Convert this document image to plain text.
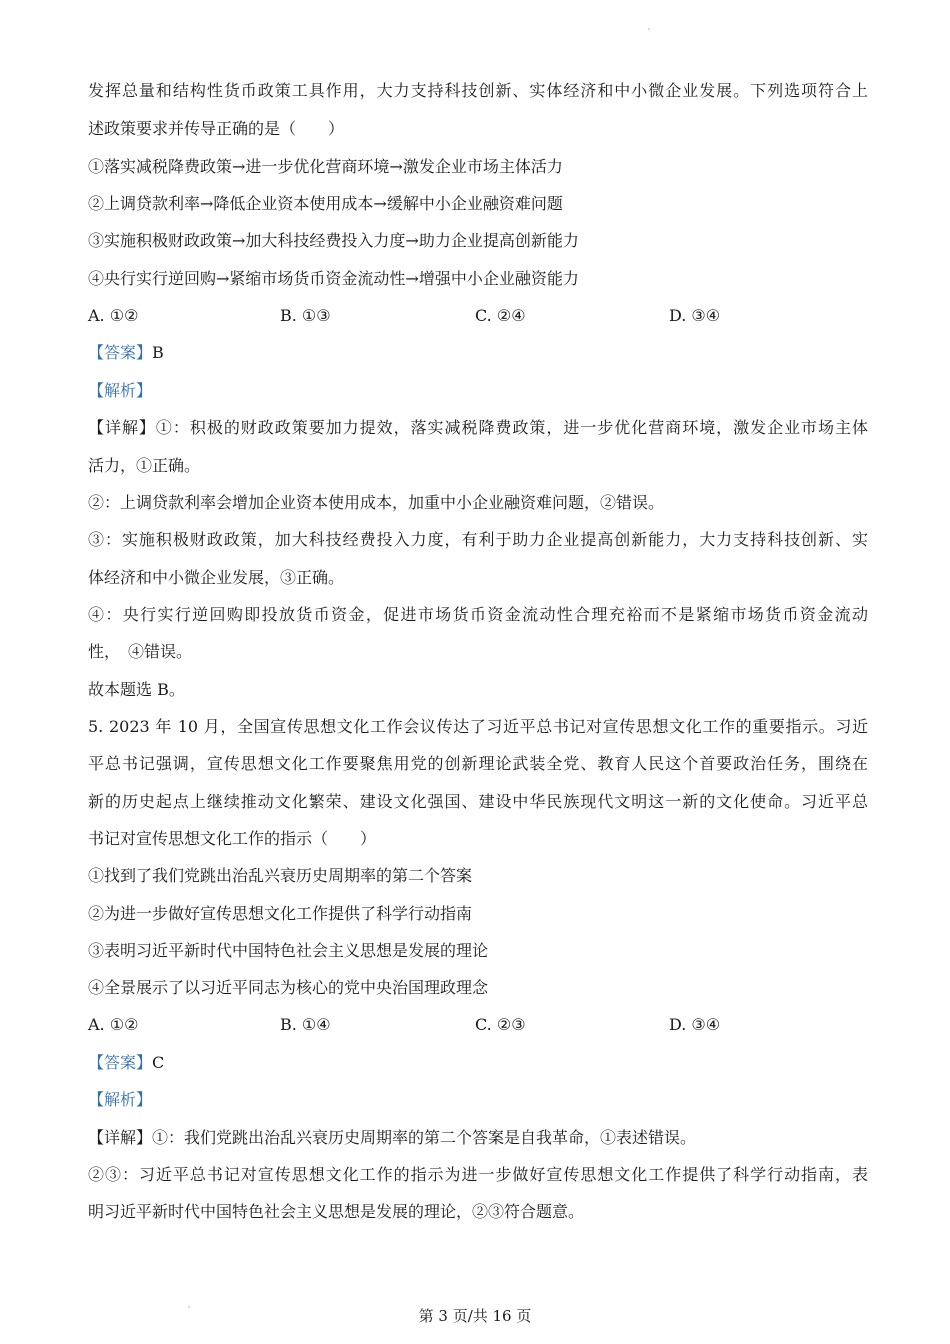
发挥总量和结构性货币政策工具作用，大力支持科技创新、实体经济和中小微企业发展。下列选项符合上
述政策要求并传导正确的是（　　）
①落实减税降费政策→进一步优化营商环境→激发企业市场主体活力
②上调贷款利率→降低企业资本使用成本→缓解中小企业融资难问题
③实施积极财政政策→加大科技经费投入力度→助力企业提高创新能力
④央行实行逆回购→紧缩市场货币资金流动性→增强中小企业融资能力
A. ①②	B. ①③	C. ②④	D. ③④
【答案】B
【解析】
【详解】①：积极的财政政策要加力提效，落实减税降费政策，进一步优化营商环境，激发企业市场主体
活力，①正确。
②：上调贷款利率会增加企业资本使用成本，加重中小企业融资难问题，②错误。
③：实施积极财政政策，加大科技经费投入力度，有利于助力企业提高创新能力，大力支持科技创新、实
体经济和中小微企业发展，③正确。
④：央行实行逆回购即投放货币资金，促进市场货币资金流动性合理充裕而不是紧缩市场货币资金流动
性，　④错误。
故本题选 B。
5. 2023 年 10 月，全国宣传思想文化工作会议传达了习近平总书记对宣传思想文化工作的重要指示。习近
平总书记强调，宣传思想文化工作要聚焦用党的创新理论武装全党、教育人民这个首要政治任务，围绕在
新的历史起点上继续推动文化繁荣、建设文化强国、建设中华民族现代文明这一新的文化使命。习近平总
书记对宣传思想文化工作的指示（　　）
①找到了我们党跳出治乱兴衰历史周期率的第二个答案
②为进一步做好宣传思想文化工作提供了科学行动指南
③表明习近平新时代中国特色社会主义思想是发展的理论
④全景展示了以习近平同志为核心的党中央治国理政理念
A. ①②	B. ①④	C. ②③	D. ③④
【答案】C
【解析】
【详解】①：我们党跳出治乱兴衰历史周期率的第二个答案是自我革命，①表述错误。
②③：习近平总书记对宣传思想文化工作的指示为进一步做好宣传思想文化工作提供了科学行动指南，表
明习近平新时代中国特色社会主义思想是发展的理论，②③符合题意。
第 3 页/共 16 页
